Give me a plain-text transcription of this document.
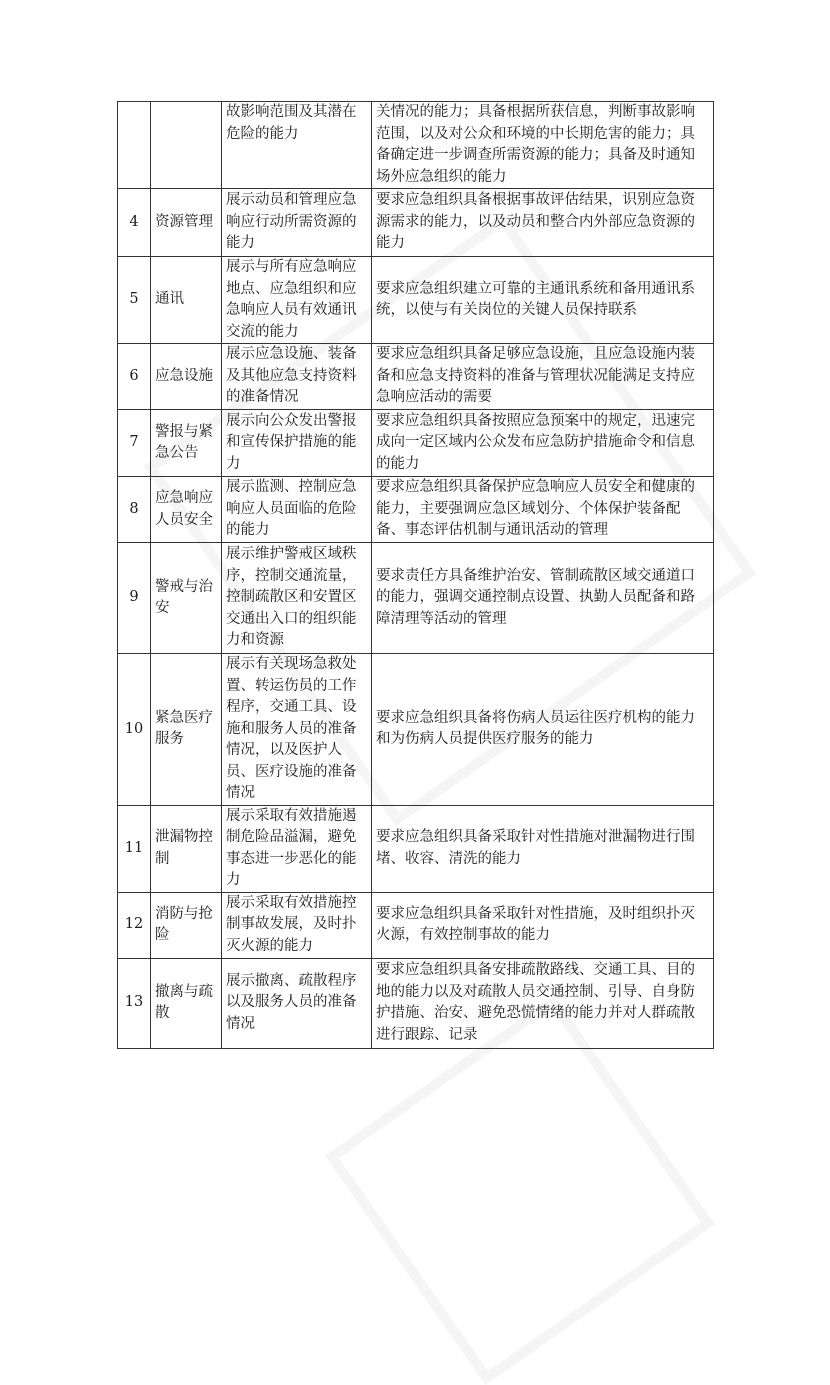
		故影响范围及其潜在危险的能力	关情况的能力；具备根据所获信息，判断事故影响范围，以及对公众和环境的中长期危害的能力；具备确定进一步调查所需资源的能力；具备及时通知场外应急组织的能力
4	资源管理	展示动员和管理应急响应行动所需资源的能力	要求应急组织具备根据事故评估结果，识别应急资源需求的能力，以及动员和整合内外部应急资源的能力
5	通讯	展示与所有应急响应地点、应急组织和应急响应人员有效通讯交流的能力	要求应急组织建立可靠的主通讯系统和备用通讯系统，以使与有关岗位的关键人员保持联系
6	应急设施	展示应急设施、装备及其他应急支持资料的准备情况	要求应急组织具备足够应急设施，且应急设施内装备和应急支持资料的准备与管理状况能满足支持应急响应活动的需要
7	警报与紧急公告	展示向公众发出警报和宣传保护措施的能力	要求应急组织具备按照应急预案中的规定，迅速完成向一定区域内公众发布应急防护措施命令和信息的能力
8	应急响应人员安全	展示监测、控制应急响应人员面临的危险的能力	要求应急组织具备保护应急响应人员安全和健康的能力，主要强调应急区域划分、个体保护装备配备、事态评估机制与通讯活动的管理
9	警戒与治安	展示维护警戒区域秩序，控制交通流量，控制疏散区和安置区交通出入口的组织能力和资源	要求责任方具备维护治安、管制疏散区域交通道口的能力，强调交通控制点设置、执勤人员配备和路障清理等活动的管理
10	紧急医疗服务	展示有关现场急救处置、转运伤员的工作程序，交通工具、设施和服务人员的准备情况，以及医护人员、医疗设施的准备情况	要求应急组织具备将伤病人员运往医疗机构的能力和为伤病人员提供医疗服务的能力
11	泄漏物控制	展示采取有效措施遏制危险品溢漏，避免事态进一步恶化的能力	要求应急组织具备采取针对性措施对泄漏物进行围堵、收容、清洗的能力
12	消防与抢险	展示采取有效措施控制事故发展，及时扑灭火源的能力	要求应急组织具备采取针对性措施，及时组织扑灭火源，有效控制事故的能力
13	撤离与疏散	展示撤离、疏散程序以及服务人员的准备情况	要求应急组织具备安排疏散路线、交通工具、目的地的能力以及对疏散人员交通控制、引导、自身防护措施、治安、避免恐慌情绪的能力并对人群疏散进行跟踪、记录
